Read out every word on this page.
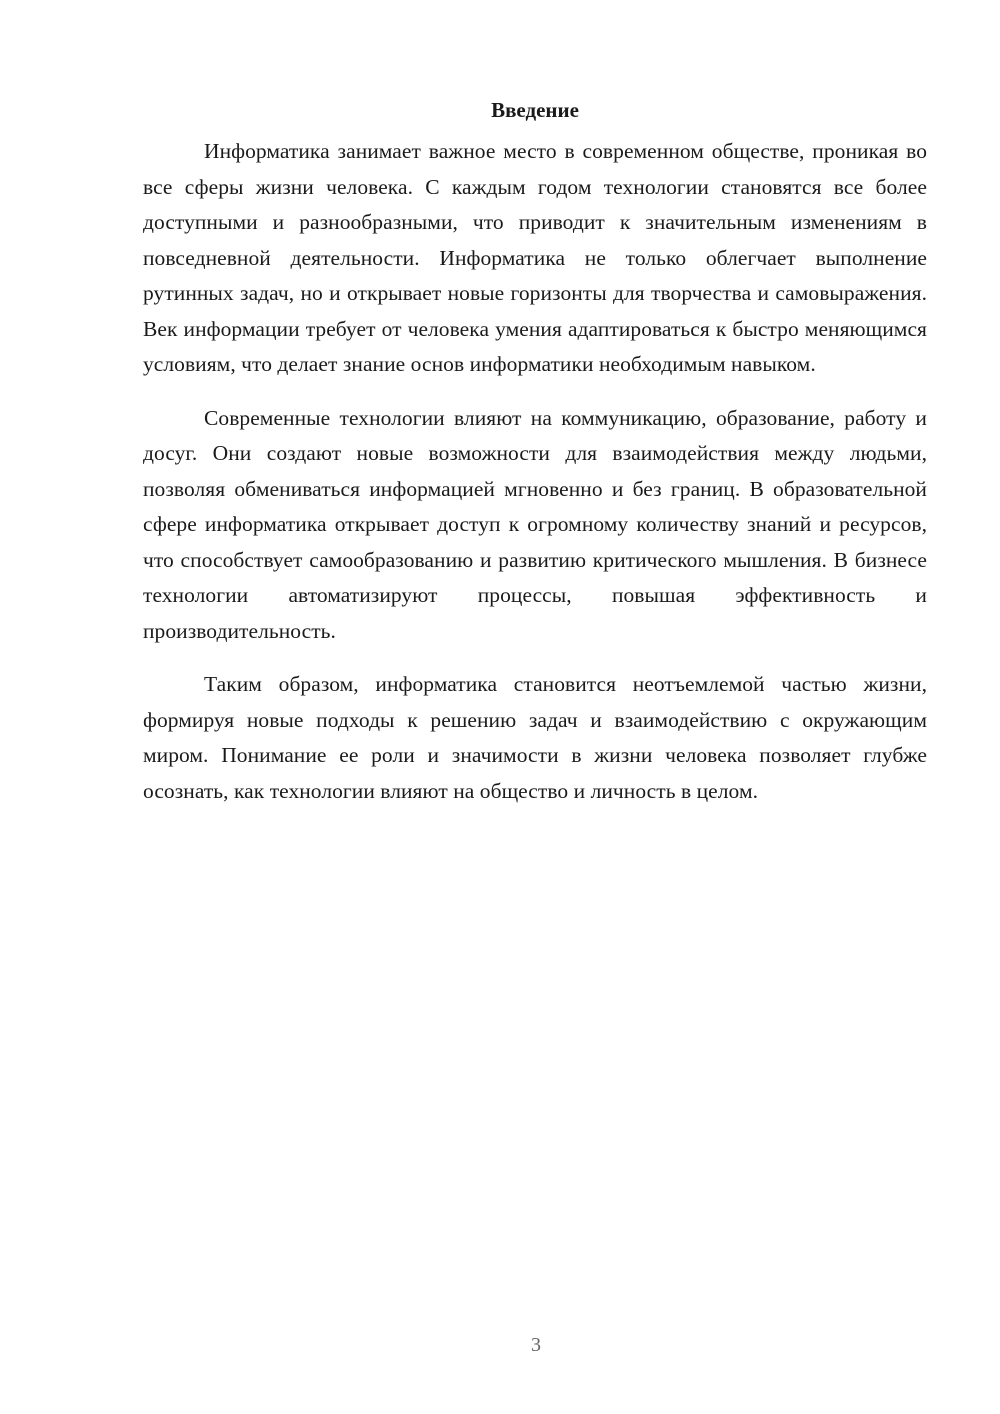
Введение

Информатика занимает важное место в современном обществе, проникая во все сферы жизни человека. С каждым годом технологии становятся все более доступными и разнообразными, что приводит к значительным изменениям в повседневной деятельности. Информатика не только облегчает выполнение рутинных задач, но и открывает новые горизонты для творчества и самовыражения. Век информации требует от человека умения адаптироваться к быстро меняющимся условиям, что делает знание основ информатики необходимым навыком.

Современные технологии влияют на коммуникацию, образование, работу и досуг. Они создают новые возможности для взаимодействия между людьми, позволяя обмениваться информацией мгновенно и без границ. В образовательной сфере информатика открывает доступ к огромному количеству знаний и ресурсов, что способствует самообразованию и развитию критического мышления. В бизнесе технологии автоматизируют процессы, повышая эффективность и производительность.

Таким образом, информатика становится неотъемлемой частью жизни, формируя новые подходы к решению задач и взаимодействию с окружающим миром. Понимание ее роли и значимости в жизни человека позволяет глубже осознать, как технологии влияют на общество и личность в целом.

3
